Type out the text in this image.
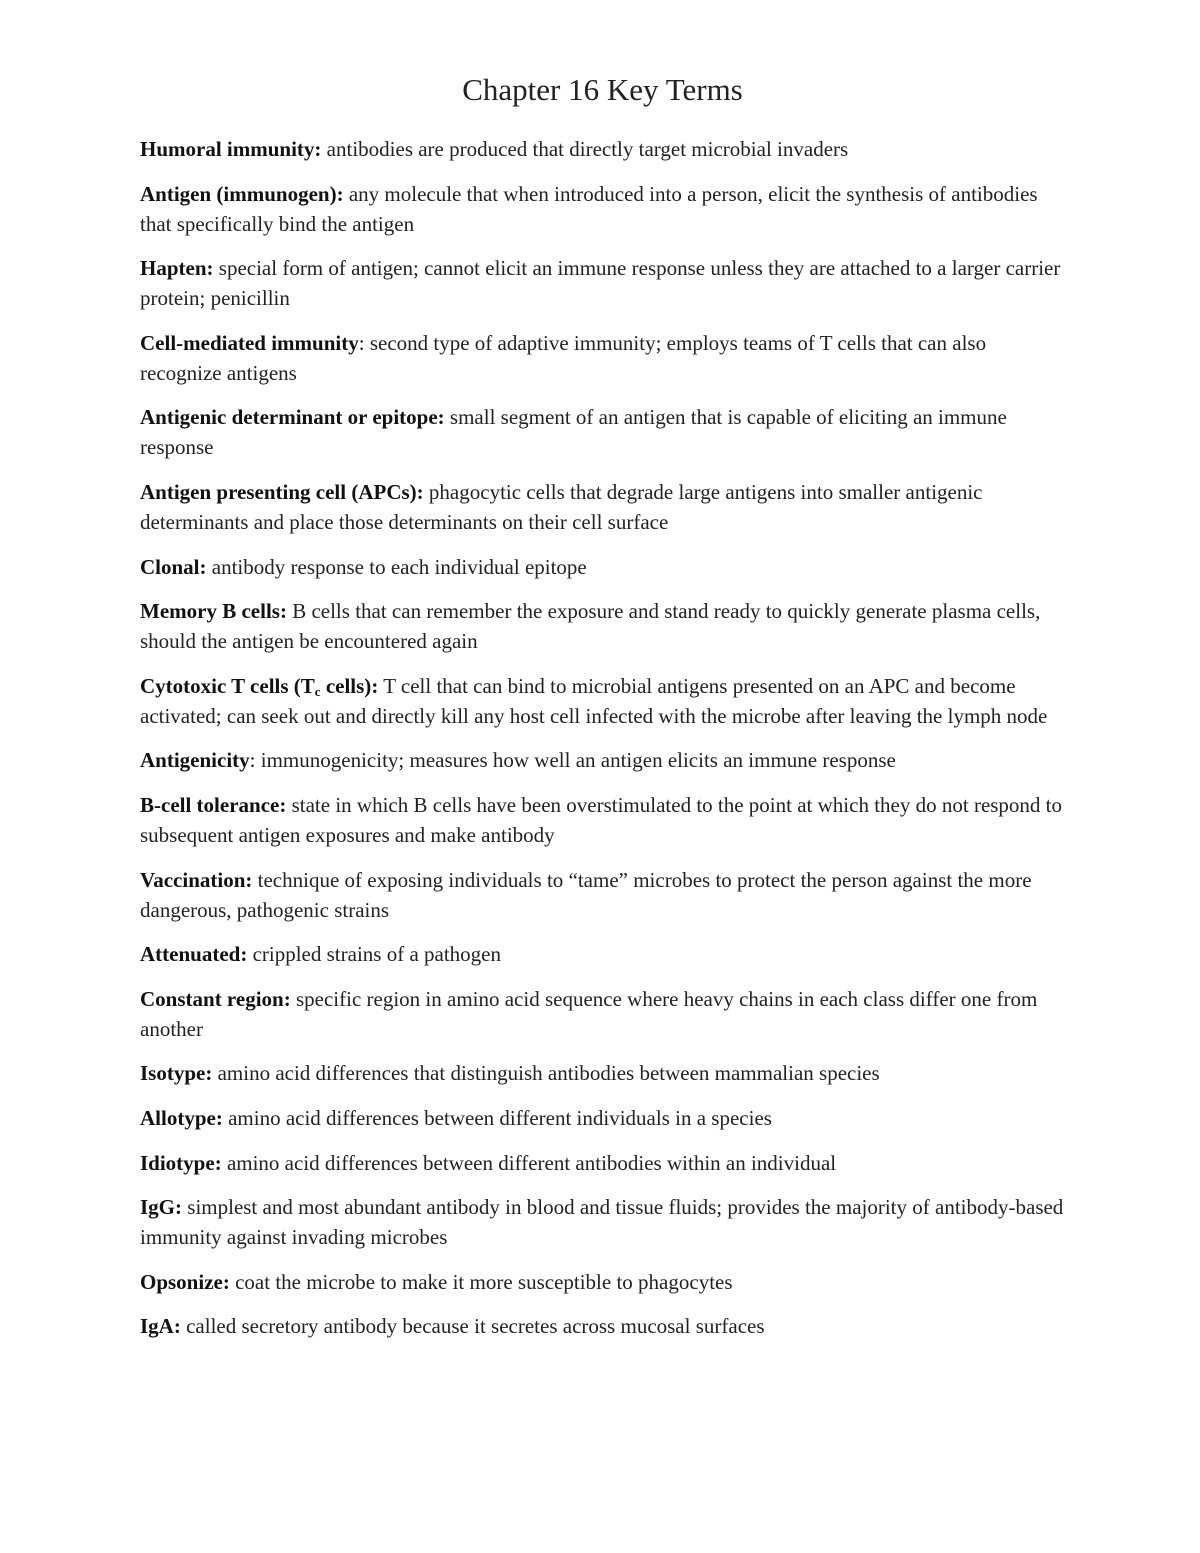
Chapter 16 Key Terms
Humoral immunity: antibodies are produced that directly target microbial invaders
Antigen (immunogen): any molecule that when introduced into a person, elicit the synthesis of antibodies that specifically bind the antigen
Hapten: special form of antigen; cannot elicit an immune response unless they are attached to a larger carrier protein; penicillin
Cell-mediated immunity: second type of adaptive immunity; employs teams of T cells that can also recognize antigens
Antigenic determinant or epitope: small segment of an antigen that is capable of eliciting an immune response
Antigen presenting cell (APCs): phagocytic cells that degrade large antigens into smaller antigenic determinants and place those determinants on their cell surface
Clonal: antibody response to each individual epitope
Memory B cells: B cells that can remember the exposure and stand ready to quickly generate plasma cells, should the antigen be encountered again
Cytotoxic T cells ($T_c$ cells): T cell that can bind to microbial antigens presented on an APC and become activated; can seek out and directly kill any host cell infected with the microbe after leaving the lymph node
Antigenicity: immunogenicity; measures how well an antigen elicits an immune response
B-cell tolerance: state in which B cells have been overstimulated to the point at which they do not respond to subsequent antigen exposures and make antibody
Vaccination: technique of exposing individuals to “tame” microbes to protect the person against the more dangerous, pathogenic strains
Attenuated: crippled strains of a pathogen
Constant region: specific region in amino acid sequence where heavy chains in each class differ one from another
Isotype: amino acid differences that distinguish antibodies between mammalian species
Allotype: amino acid differences between different individuals in a species
Idiotype: amino acid differences between different antibodies within an individual
IgG: simplest and most abundant antibody in blood and tissue fluids; provides the majority of antibody-based immunity against invading microbes
Opsonize: coat the microbe to make it more susceptible to phagocytes
IgA: called secretory antibody because it secretes across mucosal surfaces
